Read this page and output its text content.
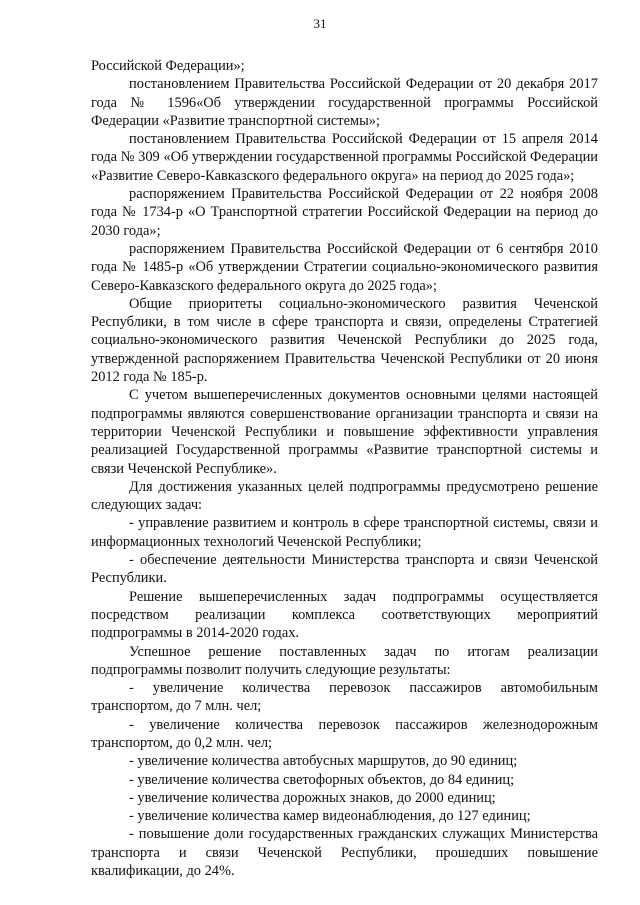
31

Российской Федерации»;

постановлением Правительства Российской Федерации от 20 декабря 2017 года № 1596«Об утверждении государственной программы Российской Федерации «Развитие транспортной системы»;

постановлением Правительства Российской Федерации от 15 апреля 2014 года № 309 «Об утверждении государственной программы Российской Федерации «Развитие Северо-Кавказского федерального округа» на период до 2025 года»;

распоряжением Правительства Российской Федерации от 22 ноября 2008 года № 1734-р «О Транспортной стратегии Российской Федерации на период до 2030 года»;

распоряжением Правительства Российской Федерации от 6 сентября 2010 года № 1485-р «Об утверждении Стратегии социально-экономического развития Северо-Кавказского федерального округа до 2025 года»;

Общие приоритеты социально-экономического развития Чеченской Республики, в том числе в сфере транспорта и связи, определены Стратегией социально-экономического развития Чеченской Республики до 2025 года, утвержденной распоряжением Правительства Чеченской Республики от 20 июня 2012 года № 185-р.

С учетом вышеперечисленных документов основными целями настоящей подпрограммы являются совершенствование организации транспорта и связи на территории Чеченской Республики и повышение эффективности управления реализацией Государственной программы «Развитие транспортной системы и связи Чеченской Республике».

Для достижения указанных целей подпрограммы предусмотрено решение следующих задач:

- управление развитием и контроль в сфере транспортной системы, связи и информационных технологий Чеченской Республики;

- обеспечение деятельности Министерства транспорта и связи Чеченской Республики.

Решение вышеперечисленных задач подпрограммы осуществляется посредством реализации комплекса соответствующих мероприятий подпрограммы в 2014-2020 годах.

Успешное решение поставленных задач по итогам реализации подпрограммы позволит получить следующие результаты:

- увеличение количества перевозок пассажиров автомобильным транспортом, до 7 млн. чел;

- увеличение количества перевозок пассажиров железнодорожным транспортом, до 0,2 млн. чел;

- увеличение количества автобусных маршрутов, до 90 единиц;

- увеличение количества светофорных объектов, до 84 единиц;

- увеличение количества дорожных знаков, до 2000 единиц;

- увеличение количества камер видеонаблюдения, до 127 единиц;

- повышение доли государственных гражданских служащих Министерства транспорта и связи Чеченской Республики, прошедших повышение квалификации, до 24%.
